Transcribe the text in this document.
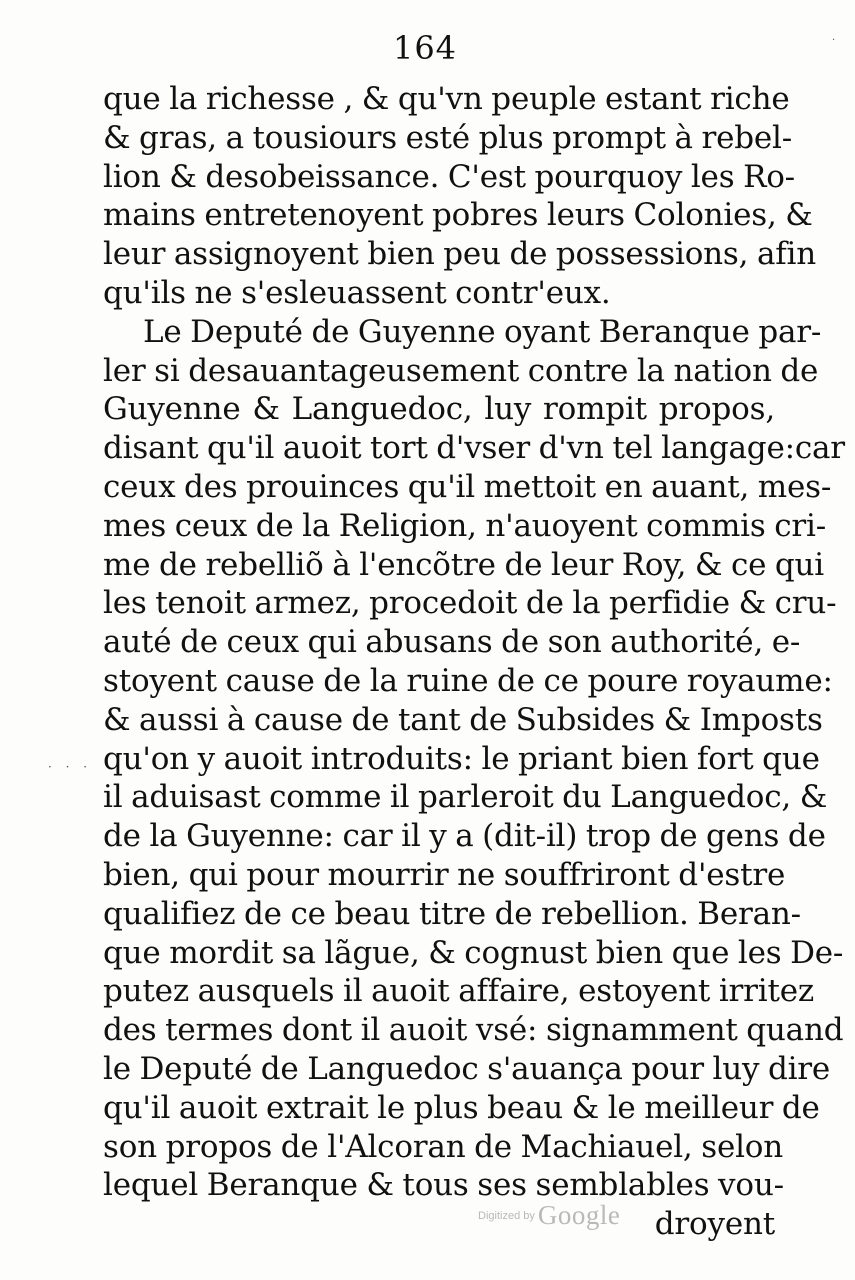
·
· · ·
164
que la richesse , & qu'vn peuple estant riche
& gras, a tousiours esté plus prompt à rebel-
lion & desobeissance. C'est pourquoy les Ro-
mains entretenoyent pobres leurs Colonies, &
leur assignoyent bien peu de possessions, afin
qu'ils ne s'esleuassent contr'eux.
Le Deputé de Guyenne oyant Beranque par-
ler si desauantageusement contre la nation de
Guyenne & Languedoc, luy rompit propos,
disant qu'il auoit tort d'vser d'vn tel langage:car
ceux des prouinces qu'il mettoit en auant, mes-
mes ceux de la Religion, n'auoyent commis cri-
me de rebelliõ à l'encõtre de leur Roy, & ce qui
les tenoit armez, procedoit de la perfidie & cru-
auté de ceux qui abusans de son authorité, e-
stoyent cause de la ruine de ce poure royaume:
& aussi à cause de tant de Subsides & Imposts
qu'on y auoit introduits: le priant bien fort que
il aduisast comme il parleroit du Languedoc, &
de la Guyenne: car il y a (dit-il) trop de gens de
bien, qui pour mourrir ne souffriront d'estre
qualifiez de ce beau titre de rebellion. Beran-
que mordit sa lãgue, & cognust bien que les De-
putez ausquels il auoit affaire, estoyent irritez
des termes dont il auoit vsé: signamment quand
le Deputé de Languedoc s'auança pour luy dire
qu'il auoit extrait le plus beau & le meilleur de
son propos de l'Alcoran de Machiauel, selon
lequel Beranque & tous ses semblables vou-
droyent
Digitized by Google
